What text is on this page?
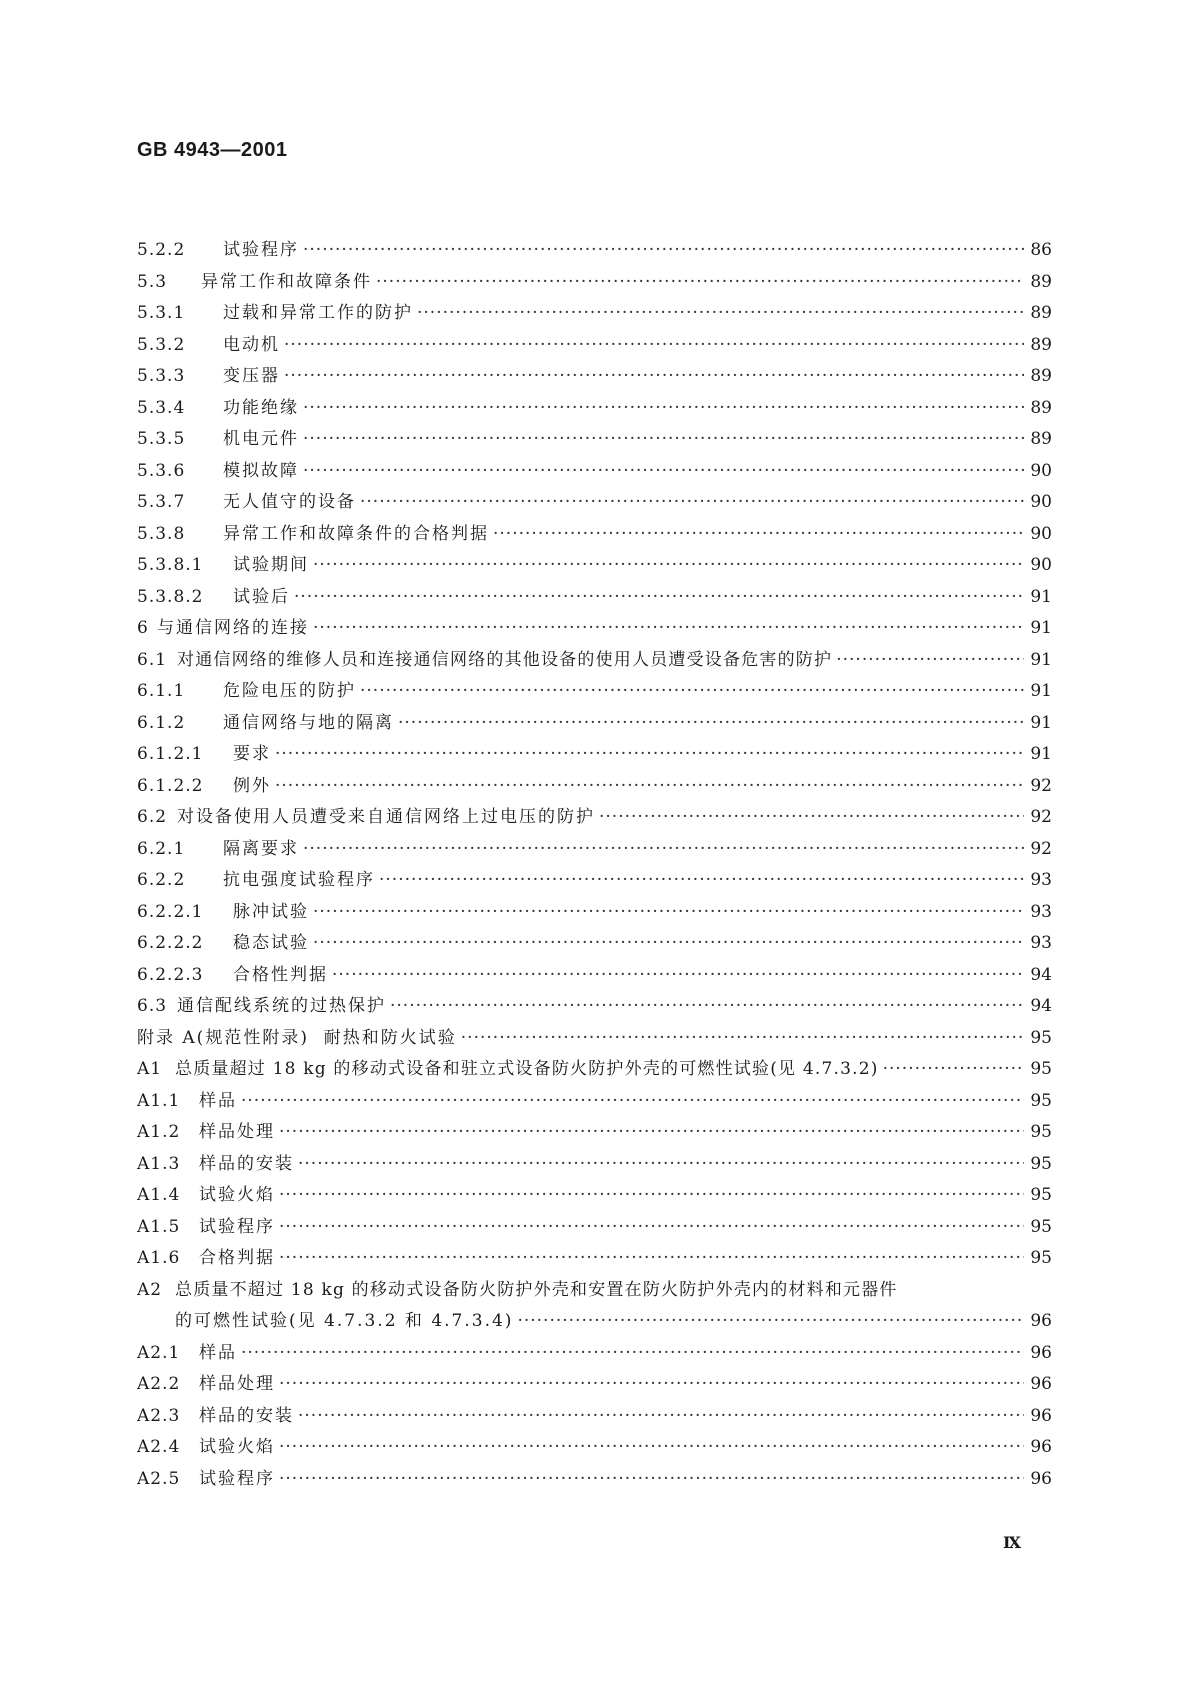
GB 4943—2001
5.2.2	试验程序 ·····	86
5.3	异常工作和故障条件 ·····	89
5.3.1	过载和异常工作的防护 ·····	89
5.3.2	电动机 ·····	89
5.3.3	变压器 ·····	89
5.3.4	功能绝缘 ·····	89
5.3.5	机电元件 ·····	89
5.3.6	模拟故障 ·····	90
5.3.7	无人值守的设备 ·····	90
5.3.8	异常工作和故障条件的合格判据 ·····	90
5.3.8.1	试验期间 ·····	90
5.3.8.2	试验后 ·····	91
6 与通信网络的连接 ·····	91
6.1 对通信网络的维修人员和连接通信网络的其他设备的使用人员遭受设备危害的防护 ·····	91
6.1.1	危险电压的防护 ·····	91
6.1.2	通信网络与地的隔离 ·····	91
6.1.2.1	要求 ·····	91
6.1.2.2	例外 ·····	92
6.2 对设备使用人员遭受来自通信网络上过电压的防护 ·····	92
6.2.1	隔离要求 ·····	92
6.2.2	抗电强度试验程序 ·····	93
6.2.2.1	脉冲试验 ·····	93
6.2.2.2	稳态试验 ·····	93
6.2.2.3	合格性判据 ·····	94
6.3 通信配线系统的过热保护 ·····	94
附录 A(规范性附录)  耐热和防火试验 ·····	95
A1 总质量超过 18 kg 的移动式设备和驻立式设备防火防护外壳的可燃性试验(见 4.7.3.2) ·····	95
A1.1	样品 ·····	95
A1.2	样品处理 ·····	95
A1.3	样品的安装 ·····	95
A1.4	试验火焰 ·····	95
A1.5	试验程序 ·····	95
A1.6	合格判据 ·····	95
A2 总质量不超过 18 kg 的移动式设备防火防护外壳和安置在防火防护外壳内的材料和元器件
的可燃性试验(见 4.7.3.2 和 4.7.3.4) ·····	96
A2.1	样品 ·····	96
A2.2	样品处理 ·····	96
A2.3	样品的安装 ·····	96
A2.4	试验火焰 ·····	96
A2.5	试验程序 ·····	96
Ⅸ
